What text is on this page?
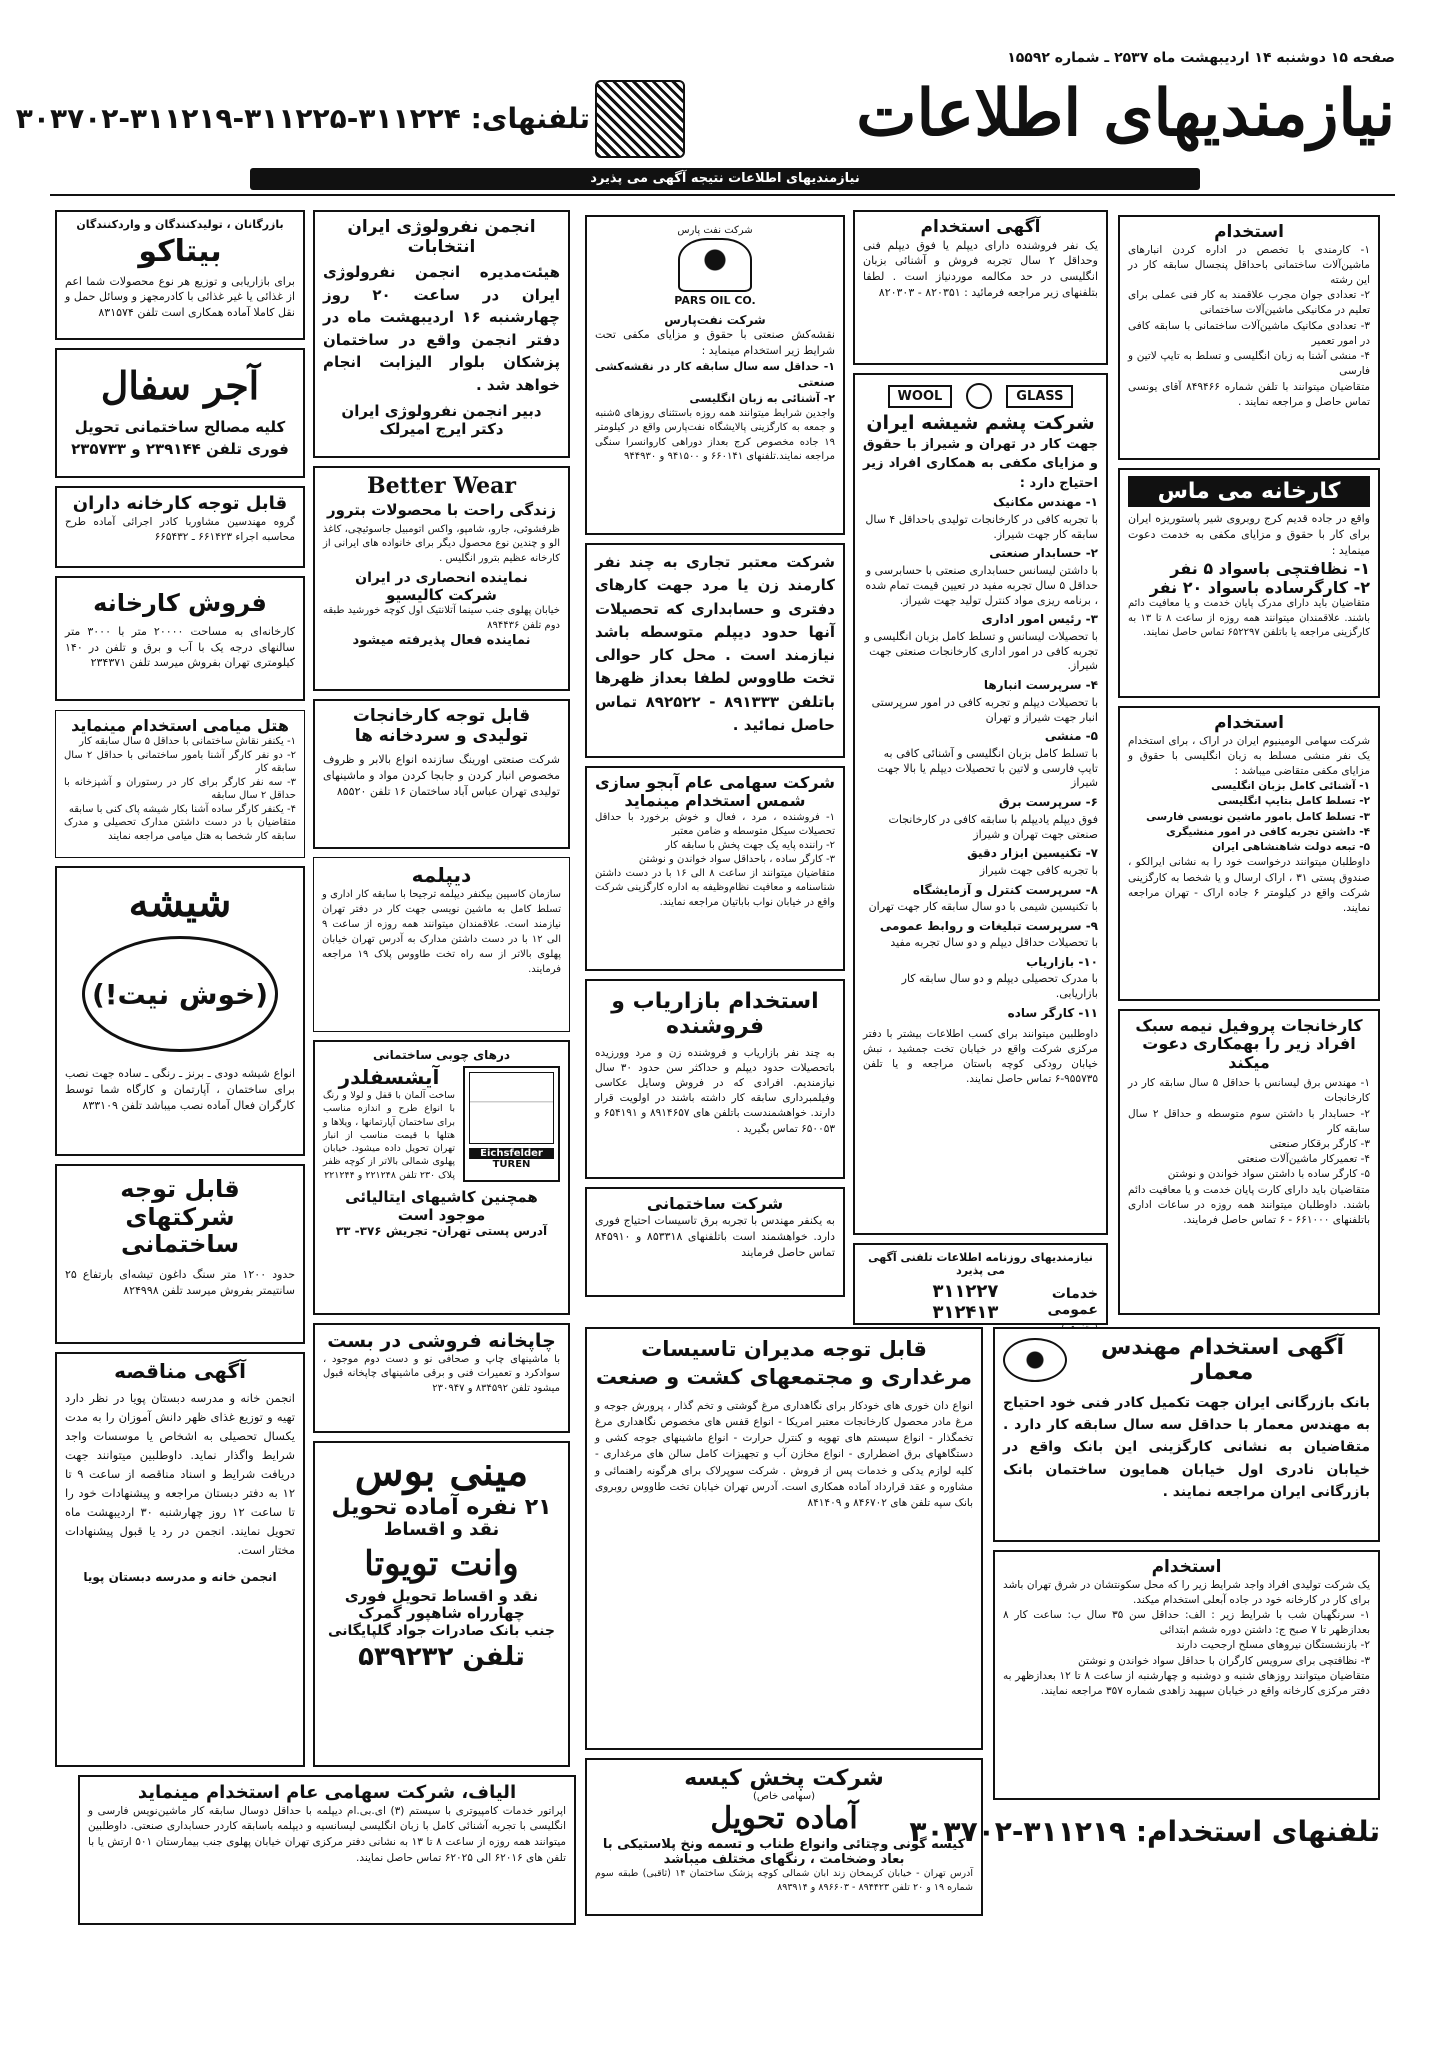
صفحه ۱۵ دوشنبه ۱۴ اردیبهشت ماه ۲۵۳۷ ـ شماره ۱۵۵۹۲
نیازمندیهای اطلاعات
تلفنهای: ۳۱۱۲۲۴-۳۱۱۲۲۵-۳۱۱۲۱۹-۳۰۳۷۰۲
نیازمندیهای اطلاعات نتیجه آگهی می پذیرد
بازرگانان ، تولیدکنندگان و واردکنندگان
بیتاکو
برای بازاریابی و توزیع هر نوع محصولات شما اعم از غذائی یا غیر غذائی با کادرمجهز و وسائل حمل و نقل کاملا آماده همکاری است تلفن ۸۳۱۵۷۴
آجر سفال
کلیه مصالح ساختمانی تحویل فوری تلفن ۲۳۹۱۴۴ و ۲۳۵۷۳۳
قابل توجه کارخانه داران
گروه مهندسین مشاوربا کادر اجرائی آماده طرح محاسبه اجراء ۶۶۱۴۲۳ ـ ۶۶۵۴۳۲
فروش کارخانه
کارخانه‌ای به مساحت ۲۰۰۰۰ متر با ۳۰۰۰ متر سالنهای درجه یک با آب و برق و تلفن در ۱۴۰ کیلومتری تهران بفروش میرسد تلفن ۲۳۴۳۷۱
هتل میامی استخدام مینماید
۱- یکنفر نقاش ساختمانی با حداقل ۵ سال سابقه کار
۲- دو نفر کارگر آشنا بامور ساختمانی با حداقل ۲ سال سابقه کار
۳- سه نفر کارگر برای کار در رستوران و آشپزخانه با حداقل ۲ سال سابقه
۴- یکنفر کارگر ساده آشنا بکار شیشه پاک کنی با سابقه
متقاضیان با در دست داشتن مدارک تحصیلی و مدرک سابقه کار شخصا به هتل میامی مراجعه نمایند
شیشه
(خوش نیت!)
انواع شیشه دودی ـ برنز ـ رنگی ـ ساده جهت نصب برای ساختمان ، آپارتمان و کارگاه شما توسط کارگران فعال آماده نصب میباشد تلفن ۸۳۳۱۰۹
قابل توجه شرکتهای ساختمانی
حدود ۱۲۰۰ متر سنگ داغون تیشه‌ای بارتفاع ۲۵ سانتیمتر بفروش میرسد تلفن ۸۲۴۹۹۸
آگهی مناقصه
انجمن خانه و مدرسه دبستان پویا در نظر دارد تهیه و توزیع غذای ظهر دانش آموزان را به مدت یکسال تحصیلی به اشخاص یا موسسات واجد شرایط واگذار نماید. داوطلبین میتوانند جهت دریافت شرایط و اسناد مناقصه از ساعت ۹ تا ۱۲ به دفتر دبستان مراجعه و پیشنهادات خود را تا ساعت ۱۲ روز چهارشنبه ۳۰ اردیبهشت ماه تحویل نمایند. انجمن در رد یا قبول پیشنهادات مختار است.
انجمن خانه و مدرسه دبستان پویا
انجمن نفرولوژی ایران انتخابات
هیئت‌مدیره انجمن نفرولوژی ایران در ساعت ۲۰ روز چهارشنبه ۱۶ اردیبهشت ماه در دفتر انجمن واقع در ساختمان پزشکان بلوار الیزابت انجام خواهد شد .
دبیر انجمن نفرولوژی ایران
دکتر ایرج امیرلک
Better Wear
زندگی راحت با محصولات بترور
ظرفشوئی، جارو، شامپو، واکس اتومبیل جاسوئیچی، کاغذ الو و چندین نوع محصول دیگر برای خانواده های ایرانی از کارخانه عظیم بترور انگلیس .
نماینده انحصاری در ایران
شرکت کالیسیو
خیابان پهلوی جنب سینما آتلانتیک اول کوچه خورشید طبقه دوم تلفن ۸۹۴۴۳۶
نماینده فعال پذیرفته میشود
قابل توجه کارخانجات تولیدی و سردخانه ها
شرکت صنعتی اورینگ سازنده انواع بالابر و ظروف مخصوص انبار کردن و جابجا کردن مواد و ماشینهای تولیدی تهران عباس آباد ساختمان ۱۶ تلفن ۸۵۵۲۰
دیپلمه
سازمان کاسپین بیکنفر دیپلمه ترجیحا با سابقه کار اداری و تسلط کامل به ماشین نویسی جهت کار در دفتر تهران نیازمند است. علاقمندان میتوانند همه روزه از ساعت ۹ الی ۱۲ با در دست داشتن مدارک به آدرس تهران خیابان پهلوی بالاتر از سه راه تخت طاووس پلاک ۱۹ مراجعه فرمایند.
درهای چوبی ساختمانی
Eichsfelder
TÜREN
آیشسفلدر
ساخت آلمان با قفل و لولا و رنگ با انواع طرح و اندازه مناسب برای ساختمان آپارتمانها ، ویلاها و هتلها با قیمت مناسب از انبار تهران تحویل داده میشود. خیابان پهلوی شمالی بالاتر از کوچه ظفر پلاک ۲۳۰ تلفن ۲۲۱۲۴۸ و ۲۲۱۲۴۴
همچنین کاشیهای ایتالیائی موجود است
آدرس پستی تهران- تجریش ۳۷۶- ۳۳
چاپخانه فروشی در بست
با ماشینهای چاپ و صحافی نو و دست دوم موجود ، سوادکرد و تعمیرات فنی و برقی ماشینهای چاپخانه قبول میشود تلفن ۸۳۴۵۹۲ و ۲۳۰۹۴۷
مینی بوس
۲۱ نفره آماده تحویل
نقد و اقساط
وانت تویوتا
نقد و اقساط تحویل فوری
چهارراه شاهپور گمرک
جنب بانک صادرات جواد گلپایگانی
تلفن ۵۳۹۲۳۲
شرکت نفت پارس
PARS OIL CO.
شرکت نفت‌پارس
نقشه‌کش صنعتی با حقوق و مزایای مکفی تحت شرایط زیر استخدام مینماید :
۱- حداقل سه سال سابقه کار در نقشه‌کشی صنعتی
۲- آشنائی به زبان انگلیسی
واجدین شرایط میتوانند همه روزه باستثنای روزهای ۵شنبه و جمعه به کارگزینی پالایشگاه نفت‌پارس واقع در کیلومتر ۱۹ جاده مخصوص کرج بعداز دوراهی کاروانسرا سنگی مراجعه نمایند.تلفنهای ۶۶۰۱۴۱ و ۹۴۱۵۰۰ و ۹۴۴۹۳۰
شرکت معتبر تجاری به چند نفر کارمند زن یا مرد جهت کارهای دفتری و حسابداری که تحصیلات آنها حدود دیپلم متوسطه باشد نیازمند است . محل کار حوالی تخت طاووس لطفا بعداز ظهرها باتلفن ۸۹۱۳۳۳ - ۸۹۲۵۲۲ تماس حاصل نمائید .
شرکت سهامی عام آبجو سازی شمس استخدام مینماید
۱- فروشنده ، مرد ، فعال و خوش برخورد با حداقل تحصیلات سیکل متوسطه و ضامن معتبر
۲- راننده پایه یک جهت پخش با سابقه کار
۳- کارگر ساده ، باحداقل سواد خواندن و نوشتن
متقاضیان میتوانند از ساعت ۸ الی ۱۶ با در دست داشتن شناسنامه و معافیت نظام‌وظیفه به اداره کارگزینی شرکت واقع در خیابان نواب باباتیان مراجعه نمایند.
استخدام بازاریاب و فروشنده
به چند نفر بازاریاب و فروشنده زن و مرد وورزیده باتحصیلات حدود دیپلم و حداکثر سن حدود ۳۰ سال نیازمندیم. افرادی که در فروش وسایل عکاسی وفیلمبرداری سابقه کار داشته باشند در اولویت قرار دارند. خواهشمندست باتلفن های ۸۹۱۴۶۵۷ و ۶۵۴۱۹۱ و ۶۵۰۰۵۳ تماس بگیرید .
شرکت ساختمانی
به یکنفر مهندس با تجربه برق تاسیسات احتیاج فوری دارد. خواهشمند است باتلفنهای ۸۵۳۳۱۸ و ۸۴۵۹۱۰ تماس حاصل فرمایند
آگهی استخدام
یک نفر فروشنده دارای دیپلم یا فوق دیپلم فنی وحداقل ۲ سال تجربه فروش و آشنائی بزبان انگلیسی در حد مکالمه موردنیاز است . لطفا بتلفنهای زیر مراجعه فرمائید : ۸۲۰۳۵۱ - ۸۲۰۳۰۳
GLASS
WOOL
شرکت پشم شیشه ایران
جهت کار در تهران و شیراز با حقوق و مزایای مکفی به همکاری افراد زیر احتیاج دارد :
۱- مهندس مکانیک
با تجربه کافی در کارخانجات تولیدی باحداقل ۴ سال سابقه کار جهت شیراز.
۲- حسابدار صنعتی
با داشتن لیسانس حسابداری صنعتی با حسابرسی و حداقل ۵ سال تجربه مفید در تعیین قیمت تمام شده ، برنامه ریزی مواد کنترل تولید جهت شیراز.
۳- رئیس امور اداری
با تحصیلات لیسانس و تسلط کامل بزبان انگلیسی و تجربه کافی در امور اداری کارخانجات صنعتی جهت شیراز.
۴- سرپرست انبارها
با تحصیلات دیپلم و تجربه کافی در امور سرپرستی انبار جهت شیراز و تهران
۵- منشی
با تسلط کامل بزبان انگلیسی و آشنائی کافی به تایپ فارسی و لاتین با تحصیلات دیپلم یا بالا جهت شیراز
۶- سرپرست برق
فوق دیپلم یادیپلم با سابقه کافی در کارخانجات صنعتی جهت تهران و شیراز
۷- تکنیسین ابزار دقیق
با تجربه کافی جهت شیراز
۸- سرپرست کنترل و آزمایشگاه
با تکنیسین شیمی با دو سال سابقه کار جهت تهران
۹- سرپرست تبلیغات و روابط عمومی
با تحصیلات حداقل دیپلم و دو سال تجربه مفید
۱۰- بازاریاب
با مدرک تحصیلی دیپلم و دو سال سابقه کار بازاریابی.
۱۱- کارگر ساده
داوطلبین میتوانند برای کسب اطلاعات بیشتر با دفتر مرکزی شرکت واقع در خیابان تخت جمشید ، نبش خیابان رودکی کوچه باستان مراجعه و یا تلفن ۹۵۵۷۳۵-۶ تماس حاصل نمایند.
نیازمندیهای روزنامه اطلاعات تلفنی آگهی می پذیرد
خدمات عمومی
۳۱۱۲۲۷ ۳۱۲۴۱۳
استخدام
۱- کارمندی با تخصص در اداره کردن انبارهای ماشین‌آلات ساختمانی باحداقل پنجسال سابقه کار در این رشته
۲- تعدادی جوان مجرب علاقمند به کار فنی عملی برای تعلیم در مکانیکی ماشین‌آلات ساختمانی
۳- تعدادی مکانیک ماشین‌آلات ساختمانی با سابقه کافی در امور تعمیر
۴- منشی آشنا به زبان انگلیسی و تسلط به تایپ لاتین و فارسی
متقاضیان میتوانند با تلفن شماره ۸۴۹۴۶۶ آقای یونسی تماس حاصل و مراجعه نمایند .
کارخانه می ماس
واقع در جاده قدیم کرج روبروی شیر پاستوریزه ایران برای کار با حقوق و مزایای مکفی به خدمت دعوت مینماید :
۱- نظافتچی باسواد ۵ نفر
۲- کارگرساده باسواد ۲۰ نفر
متقاضیان باید دارای مدرک پایان خدمت و یا معافیت دائم باشند. علاقمندان میتوانند همه روزه از ساعت ۸ تا ۱۳ به کارگزینی مراجعه یا باتلفن ۶۵۲۲۹۷ تماس حاصل نمایند.
استخدام
شرکت سهامی الومینیوم ایران در اراک ، برای استخدام یک نفر منشی مسلط به زبان انگلیسی با حقوق و مزایای مکفی متقاضی میباشد :
۱- آشنائی کامل بزبان انگلیسی
۲- تسلط کامل بتایپ انگلیسی
۳- تسلط کامل بامور ماشین نویسی فارسی
۴- داشتن تجربه کافی در امور منشیگری
۵- تبعه دولت شاهنشاهی ایران
داوطلبان میتوانند درخواست خود را به نشانی ایرالکو ، صندوق پستی ۳۱ ، اراک ارسال و یا شخصا به کارگزینی شرکت واقع در کیلومتر ۶ جاده اراک - تهران مراجعه نمایند.
کارخانجات پروفیل نیمه سبک
افراد زیر را بهمکاری دعوت میکند
۱- مهندس برق لیسانس با حداقل ۵ سال سابقه کار در کارخانجات
۲- حسابدار با داشتن سوم متوسطه و حداقل ۲ سال سابقه کار
۳- کارگر برقکار صنعتی
۴- تعمیرکار ماشین‌آلات صنعتی
۵- کارگر ساده با داشتن سواد خواندن و نوشتن
متقاضیان باید دارای کارت پایان خدمت و یا معافیت دائم باشند. داوطلبان میتوانند همه روزه در ساعات اداری باتلفنهای ۶۶۱۰۰۰ - ۶ تماس حاصل فرمایند.
قابل توجه مدیران تاسیسات مرغداری و مجتمعهای کشت و صنعت
انواع دان خوری های خودکار برای نگاهداری مرغ گوشتی و تخم گذار ، پرورش جوجه و مرغ مادر محصول کارخانجات معتبر امریکا - انواع قفس های مخصوص نگاهداری مرغ تخمگذار - انواع سیستم های تهویه و کنترل حرارت - انواع ماشینهای جوجه کشی و دستگاههای برق اضطراری - انواع مخازن آب و تجهیزات کامل سالن های مرغداری - کلیه لوازم یدکی و خدمات پس از فروش . شرکت سوپرلاک برای هرگونه راهنمائی و مشاوره و عقد قرارداد آماده همکاری است. آدرس تهران خیابان تخت طاووس روبروی بانک سپه تلفن های ۸۴۶۷۰۲ و ۸۴۱۴۰۹
شرکت پخش کیسه
(سهامی خاص)
آماده تحویل
کیسه گونی وچتائی وانواع طناب و تسمه ونخ پلاستیکی با بعاد وضخامت ، رنگهای مختلف میباشد
آدرس تهران - خیابان کریمخان زند ابان شمالی کوچه پزشک ساختمان ۱۴ (ثاقبی) طبقه سوم شماره ۱۹ و ۲۰ تلفن ۸۹۴۴۲۳ - ۸۹۶۶۰۳ و ۸۹۳۹۱۴
آگهی استخدام مهندس معمار
بانک بازرگانی ایران جهت تکمیل کادر فنی خود احتیاج به مهندس معمار با حداقل سه سال سابقه کار دارد . متقاضیان به نشانی کارگزینی این بانک واقع در خیابان نادری اول خیابان همایون ساختمان بانک بازرگانی ایران مراجعه نمایند .
استخدام
یک شرکت تولیدی افراد واجد شرایط زیر را که محل سکونتشان در شرق تهران باشد برای کار در کارخانه خود در جاده آبعلی استخدام میکند.
۱- سرنگهبان شب با شرایط زیر : الف: حداقل سن ۳۵ سال ب: ساعت کار ۸ بعدازظهر تا ۷ صبح ج: داشتن دوره ششم ابتدائی
۲- بازنشستگان نیروهای مسلح ارجحیت دارند
۳- نظافتچی برای سرویس کارگران با حداقل سواد خواندن و نوشتن
متقاضیان میتوانند روزهای شنبه و دوشنبه و چهارشنبه از ساعت ۸ تا ۱۲ بعدازظهر به دفتر مرکزی کارخانه واقع در خیابان سپهبد زاهدی شماره ۳۵۷ مراجعه نمایند.
تلفنهای استخدام: ۳۱۱۲۱۹-۳۰۳۷۰۲
الیاف، شرکت سهامی عام استخدام مینماید
اپراتور خدمات کامپیوتری با سیستم (۳) ای.بی.ام دیپلمه با حداقل دوسال سابقه کار ماشین‌نویس فارسی و انگلیسی با تجربه آشنائی کامل با زبان انگلیسی لیسانسیه و دیپلمه باسابقه کاردر حسابداری صنعتی. داوطلبین میتوانند همه روزه از ساعت ۸ تا ۱۳ به نشانی دفتر مرکزی تهران خیابان پهلوی جنب بیمارستان ۵۰۱ ارتش یا با تلفن های ۶۲۰۱۶ الی ۶۲۰۲۵ تماس حاصل نمایند.
